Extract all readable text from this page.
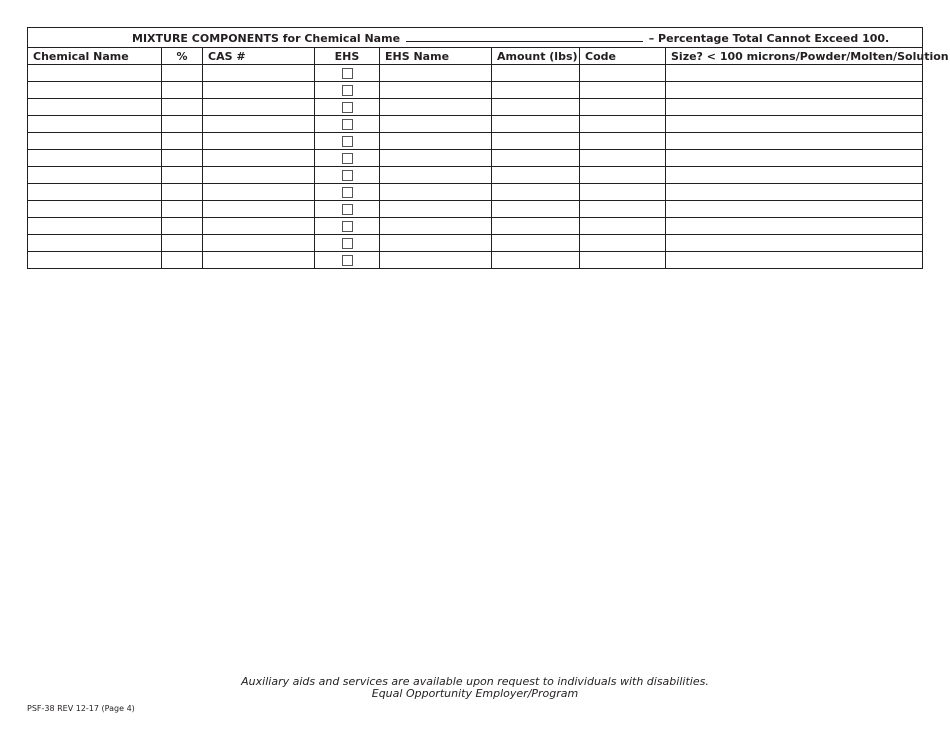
MIXTURE COMPONENTS for Chemical Name – Percentage Total Cannot Exceed 100.							
Chemical Name	%	CAS #	EHS	EHS Name	Amount (lbs)	Code	Size? < 100 microns/Powder/Molten/Solution

Auxiliary aids and services are available upon request to individuals with disabilities.
Equal Opportunity Employer/Program
PSF-38 REV 12-17 (Page 4)
